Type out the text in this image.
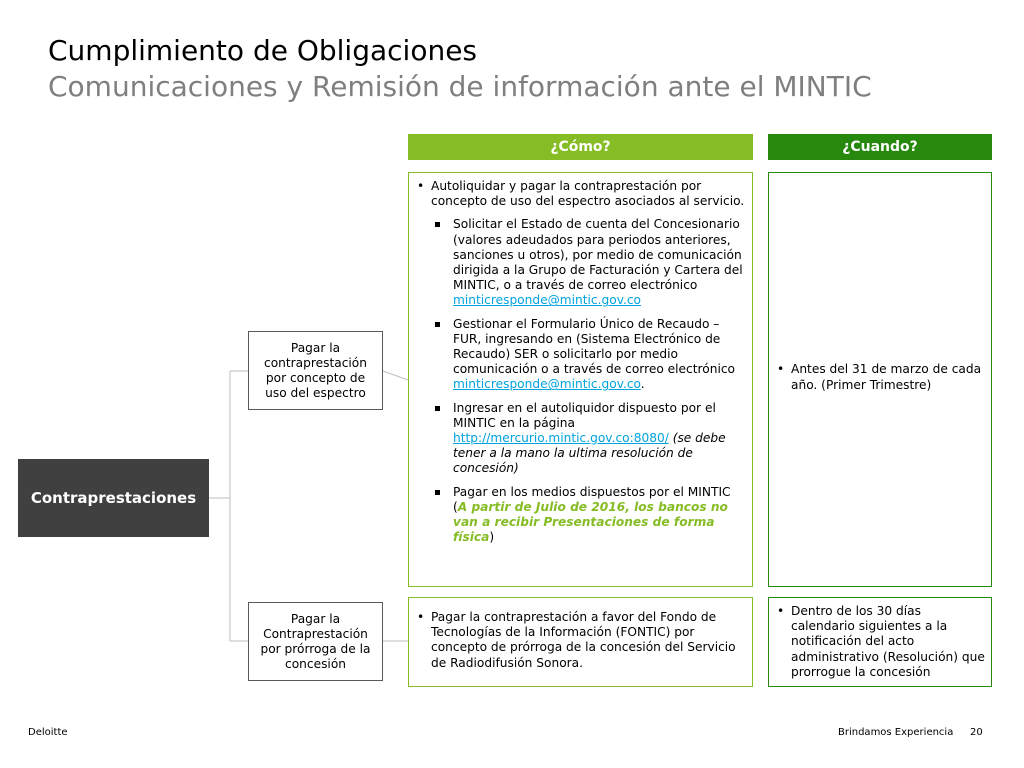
Cumplimiento de Obligaciones
Comunicaciones y Remisión de información ante el MINTIC
¿Cómo?	¿Cuando?
Contraprestaciones
Pagar la contraprestación por concepto de uso del espectro
Pagar la Contraprestación por prórroga de la concesión
• Autoliquidar y pagar la contraprestación por concepto de uso del espectro asociados al servicio.
Solicitar el Estado de cuenta del Concesionario (valores adeudados para periodos anteriores, sanciones u otros), por medio de comunicación dirigida a la Grupo de Facturación y Cartera del MINTIC, o a través de correo electrónico minticresponde@mintic.gov.co
Gestionar el Formulario Único de Recaudo – FUR, ingresando en (Sistema Electrónico de Recaudo) SER o solicitarlo por medio comunicación o a través de correo electrónico minticresponde@mintic.gov.co.
Ingresar en el autoliquidor dispuesto por el MINTIC en la página http://mercurio.mintic.gov.co:8080/ (se debe tener a la mano la ultima resolución de concesión)
Pagar en los medios dispuestos por el MINTIC (A partir de Julio de 2016, los bancos no van a recibir Presentaciones de forma física)
• Antes del 31 de marzo de cada año. (Primer Trimestre)
• Pagar la contraprestación a favor del Fondo de Tecnologías de la Información (FONTIC) por concepto de prórroga de la concesión del Servicio de Radiodifusión Sonora.
• Dentro de los 30 días calendario siguientes a la notificación del acto administrativo (Resolución) que prorrogue la concesión
Deloitte	Brindamos Experiencia 20
